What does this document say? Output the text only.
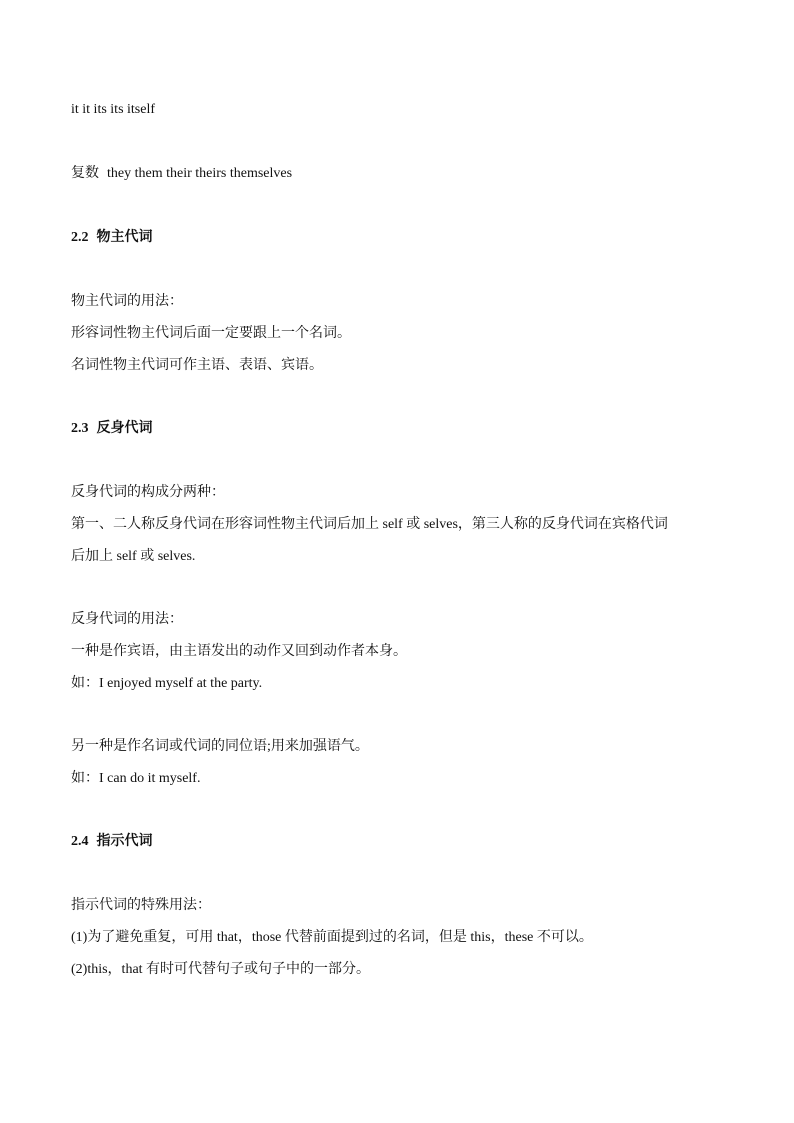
it it its its itself
复数 they them their theirs themselves
2.2 物主代词
物主代词的用法：
形容词性物主代词后面一定要跟上一个名词。
名词性物主代词可作主语、表语、宾语。
2.3 反身代词
反身代词的构成分两种：
第一、二人称反身代词在形容词性物主代词后加上 self 或 selves，第三人称的反身代词在宾格代词
后加上 self 或 selves.
反身代词的用法：
一种是作宾语，由主语发出的动作又回到动作者本身。
如：I enjoyed myself at the party.
另一种是作名词或代词的同位语;用来加强语气。
如：I can do it myself.
2.4 指示代词
指示代词的特殊用法：
(1)为了避免重复，可用 that，those 代替前面提到过的名词，但是 this，these 不可以。
(2)this，that 有时可代替句子或句子中的一部分。
